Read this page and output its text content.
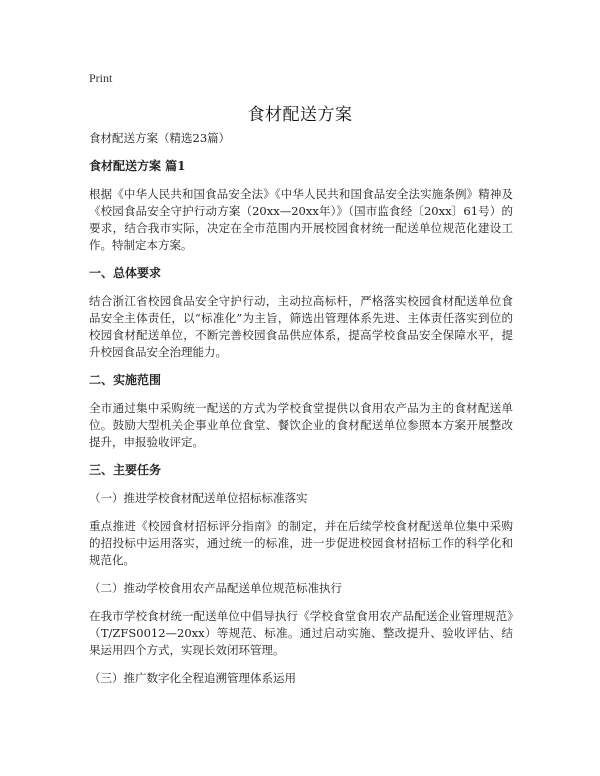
Print
食材配送方案

食材配送方案（精选23篇）

食材配送方案 篇1

根据《中华人民共和国食品安全法》《中华人民共和国食品安全法实施条例》精神及《校园食品安全守护行动方案（20xx—20xx年）》（国市监食经〔20xx〕61号）的要求，结合我市实际，决定在全市范围内开展校园食材统一配送单位规范化建设工作。特制定本方案。

一、总体要求

结合浙江省校园食品安全守护行动，主动拉高标杆，严格落实校园食材配送单位食品安全主体责任，以“标准化”为主旨，筛选出管理体系先进、主体责任落实到位的校园食材配送单位，不断完善校园食品供应体系，提高学校食品安全保障水平，提升校园食品安全治理能力。

二、实施范围

全市通过集中采购统一配送的方式为学校食堂提供以食用农产品为主的食材配送单位。鼓励大型机关企事业单位食堂、餐饮企业的食材配送单位参照本方案开展整改提升，申报验收评定。

三、主要任务

（一）推进学校食材配送单位招标标准落实

重点推进《校园食材招标评分指南》的制定，并在后续学校食材配送单位集中采购的招投标中运用落实，通过统一的标准，进一步促进校园食材招标工作的科学化和规范化。

（二）推动学校食用农产品配送单位规范标准执行

在我市学校食材统一配送单位中倡导执行《学校食堂食用农产品配送企业管理规范》（T/ZFS0012—20xx）等规范、标准。通过启动实施、整改提升、验收评估、结果运用四个方式，实现长效闭环管理。

（三）推广数字化全程追溯管理体系运用
